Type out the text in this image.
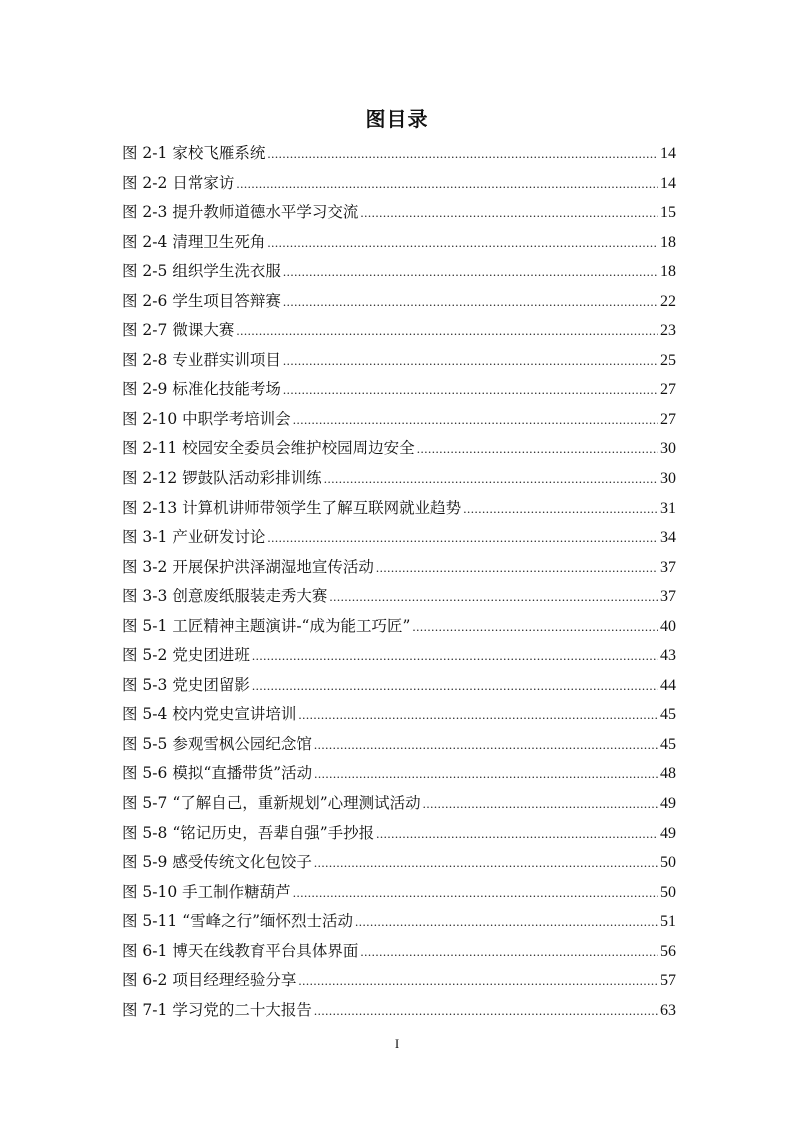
图目录
图 2-1 家校飞雁系统 .....	14
图 2-2 日常家访 .....	14
图 2-3 提升教师道德水平学习交流 .....	15
图 2-4 清理卫生死角 .....	18
图 2-5 组织学生洗衣服 .....	18
图 2-6 学生项目答辩赛 .....	22
图 2-7 微课大赛 .....	23
图 2-8 专业群实训项目 .....	25
图 2-9 标准化技能考场 .....	27
图 2-10 中职学考培训会 .....	27
图 2-11 校园安全委员会维护校园周边安全 .....	30
图 2-12 锣鼓队活动彩排训练 .....	30
图 2-13 计算机讲师带领学生了解互联网就业趋势 .....	31
图 3-1 产业研发讨论 .....	34
图 3-2 开展保护洪泽湖湿地宣传活动 .....	37
图 3-3 创意废纸服装走秀大赛 .....	37
图 5-1 工匠精神主题演讲-“成为能工巧匠” .....	40
图 5-2 党史团进班 .....	43
图 5-3 党史团留影 .....	44
图 5-4 校内党史宣讲培训 .....	45
图 5-5 参观雪枫公园纪念馆 .....	45
图 5-6 模拟“直播带货”活动 .....	48
图 5-7 “了解自己，重新规划”心理测试活动 .....	49
图 5-8 “铭记历史，吾辈自强”手抄报 .....	49
图 5-9 感受传统文化包饺子 .....	50
图 5-10 手工制作糖葫芦 .....	50
图 5-11 “雪峰之行”缅怀烈士活动 .....	51
图 6-1 博天在线教育平台具体界面 .....	56
图 6-2 项目经理经验分享 .....	57
图 7-1 学习党的二十大报告 .....	63
I
